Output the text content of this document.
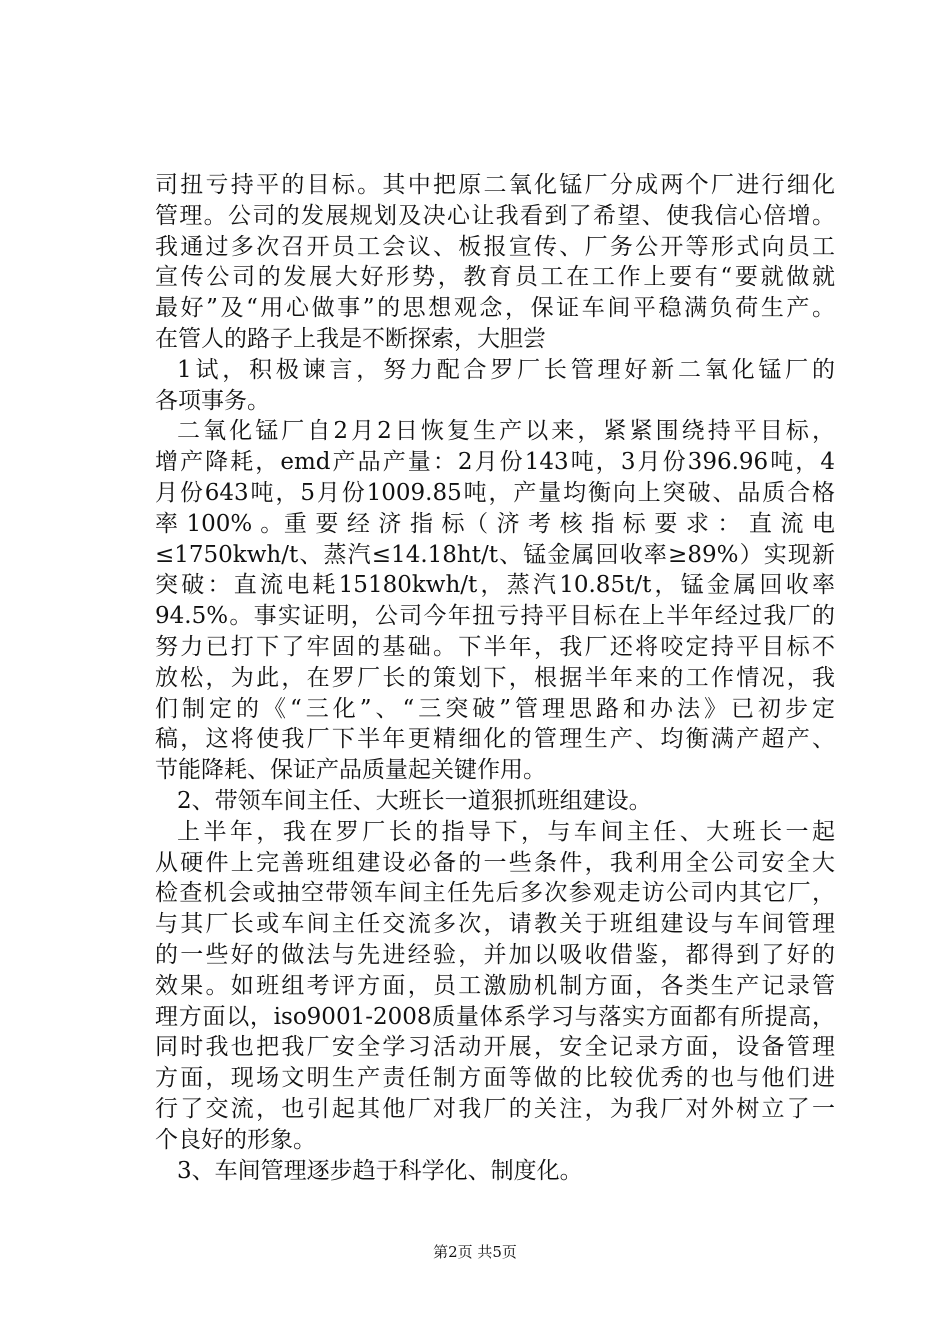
司扭亏持平的目标。其中把原二氧化锰厂分成两个厂进行细化
管理。公司的发展规划及决心让我看到了希望、使我信心倍增。
我通过多次召开员工会议、板报宣传、厂务公开等形式向员工
宣传公司的发展大好形势，教育员工在工作上要有“要就做就
最好”及“用心做事”的思想观念，保证车间平稳满负荷生产。
在管人的路子上我是不断探索，大胆尝
1试，积极谏言，努力配合罗厂长管理好新二氧化锰厂的
各项事务。
二氧化锰厂自2月2日恢复生产以来，紧紧围绕持平目标，
增产降耗，emd产品产量：2月份143吨，3月份396.96吨，4
月份643吨，5月份1009.85吨，产量均衡向上突破、品质合格
率 100% 。重 要 经 济 指 标（ 济 考 核 指 标 要 求 ： 直 流 电
≤1750kwh/t、蒸汽≤14.18ht/t、锰金属回收率≥89%）实现新
突破：直流电耗15180kwh/t，蒸汽10.85t/t，锰金属回收率
94.5%。事实证明，公司今年扭亏持平目标在上半年经过我厂的
努力已打下了牢固的基础。下半年，我厂还将咬定持平目标不
放松，为此，在罗厂长的策划下，根据半年来的工作情况，我
们制定的《“三化”、“三突破”管理思路和办法》已初步定
稿，这将使我厂下半年更精细化的管理生产、均衡满产超产、
节能降耗、保证产品质量起关键作用。
2、带领车间主任、大班长一道狠抓班组建设。
上半年，我在罗厂长的指导下，与车间主任、大班长一起
从硬件上完善班组建设必备的一些条件，我利用全公司安全大
检查机会或抽空带领车间主任先后多次参观走访公司内其它厂，
与其厂长或车间主任交流多次，请教关于班组建设与车间管理
的一些好的做法与先进经验，并加以吸收借鉴，都得到了好的
效果。如班组考评方面，员工激励机制方面，各类生产记录管
理方面以，iso9001-2008质量体系学习与落实方面都有所提高，
同时我也把我厂安全学习活动开展，安全记录方面，设备管理
方面，现场文明生产责任制方面等做的比较优秀的也与他们进
行了交流，也引起其他厂对我厂的关注，为我厂对外树立了一
个良好的形象。
3、车间管理逐步趋于科学化、制度化。
第2页 共5页
